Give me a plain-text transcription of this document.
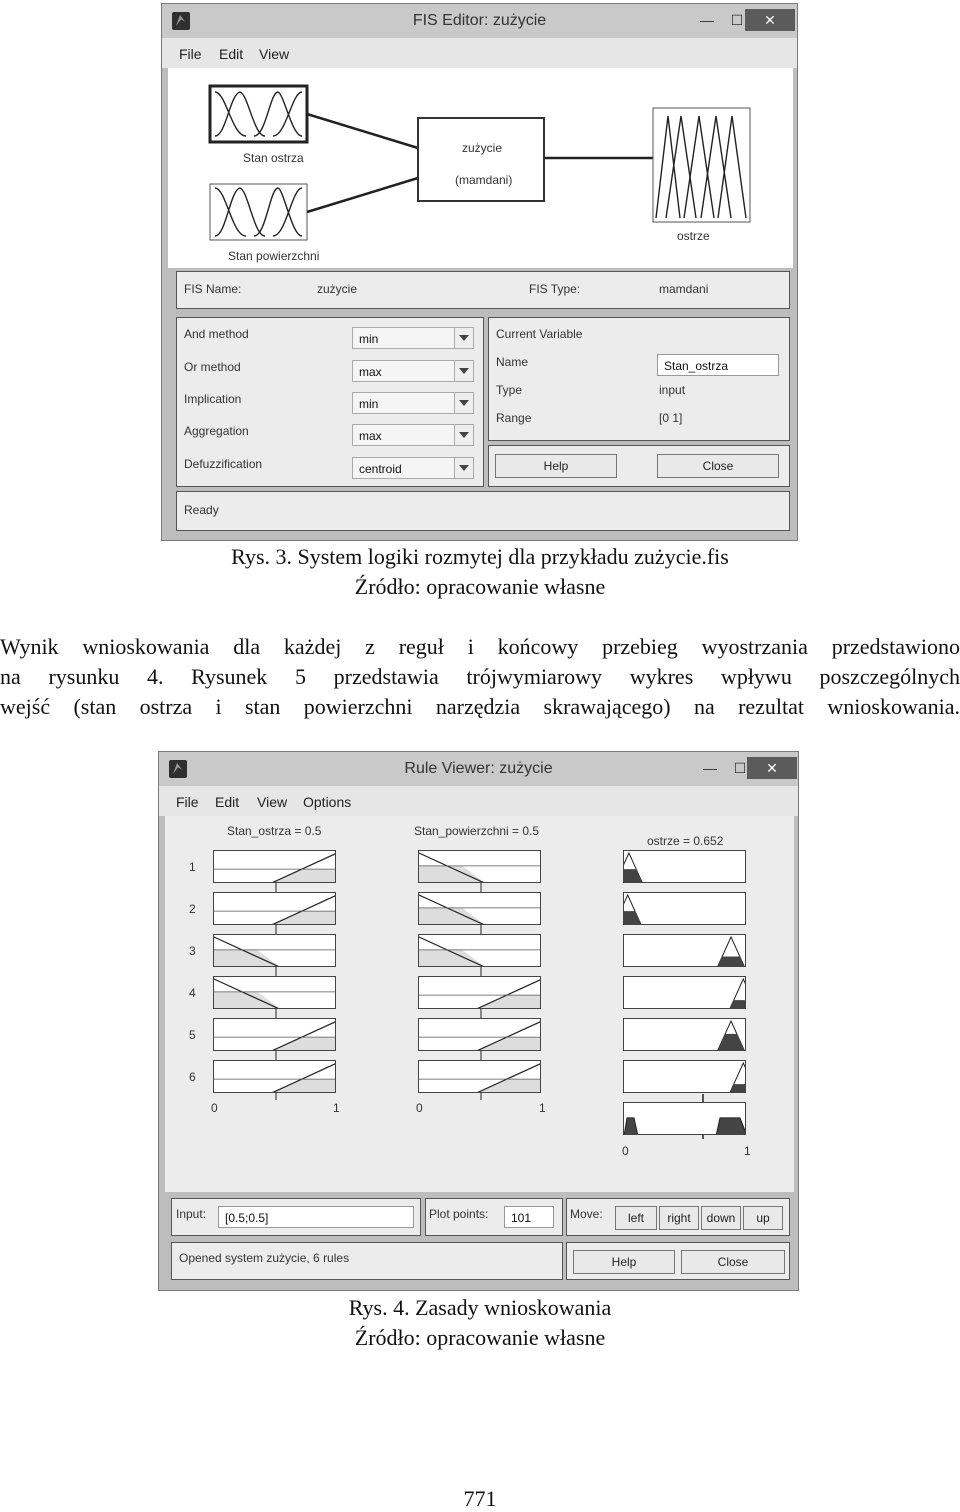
FIS Editor: zużycie	—	☐	✕
File Edit View
Stan ostrza
Stan powierzchni
zużycie
(mamdani)
ostrze
FIS Name:	zużycie	FIS Type:	mamdani
And method	min
Or method	max
Implication	min
Aggregation	max
Defuzzification	centroid
Current Variable
Name	Stan_ostrza
Type	input
Range	[0 1]
Help	Close
Ready
Rys. 3. System logiki rozmytej dla przykładu zużycie.fis
Źródło: opracowanie własne
Wynik wnioskowania dla każdej z reguł i końcowy przebieg wyostrzania przedstawiono
na rysunku 4. Rysunek 5 przedstawia trójwymiarowy wykres wpływu poszczególnych
wejść (stan ostrza i stan powierzchni narzędzia skrawającego) na rezultat wnioskowania.
Rule Viewer: zużycie	—	☐	✕
File Edit View Options
Stan_ostrza = 0.5	Stan_powierzchni = 0.5
ostrze = 0.652
0	1	0	1
0	1
1
2
3
4
5
6
Input: [0.5;0.5]	Plot points: 101	Move:	left	right	down	up
Opened system zużycie, 6 rules	Help	Close
Rys. 4. Zasady wnioskowania
Źródło: opracowanie własne
771
